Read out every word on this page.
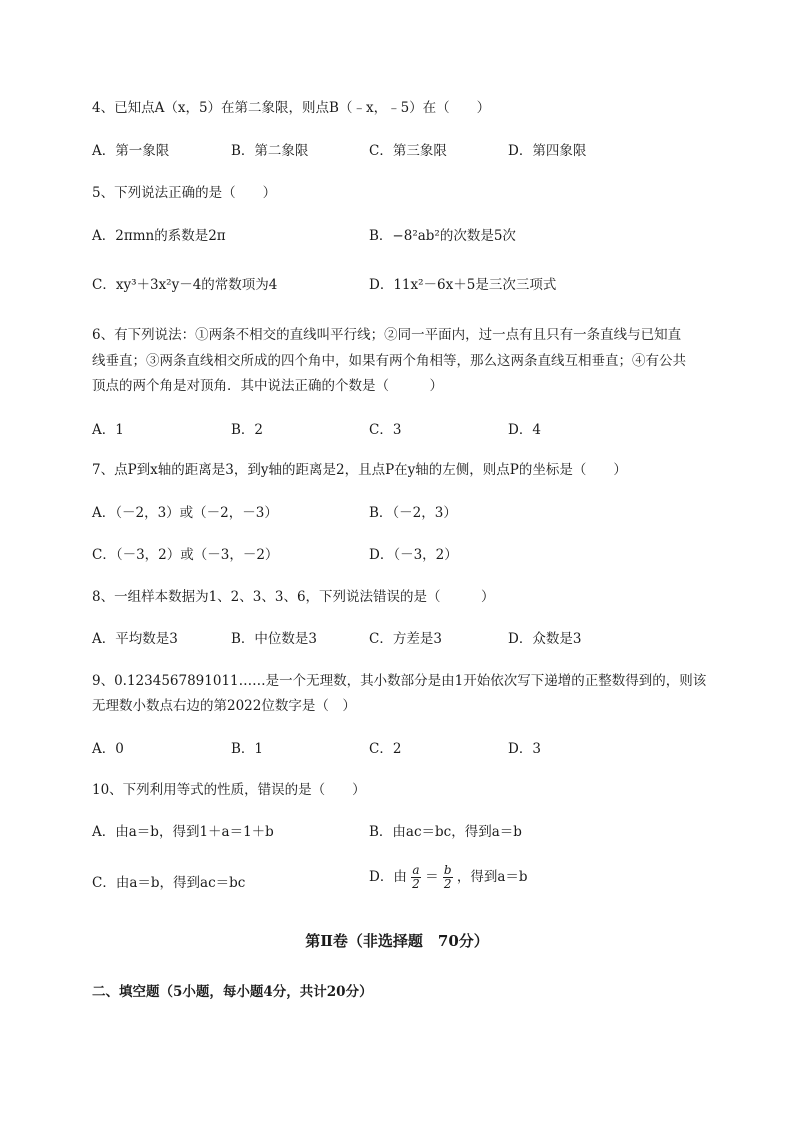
4、已知点A（x，5）在第二象限，则点B（﹣x，﹣5）在（　　）
A．第一象限	B．第二象限	C．第三象限	D．第四象限
5、下列说法正确的是（　　）
A．2πmn的系数是2π	B．−8²ab²的次数是5次
C．xy³＋3x²y－4的常数项为4	D．11x²－6x＋5是三次三项式
6、有下列说法：①两条不相交的直线叫平行线；②同一平面内，过一点有且只有一条直线与已知直
线垂直；③两条直线相交所成的四个角中，如果有两个角相等，那么这两条直线互相垂直；④有公共
顶点的两个角是对顶角．其中说法正确的个数是（　　　）
A．1	B．2	C．3	D．4
7、点P到x轴的距离是3，到y轴的距离是2，且点P在y轴的左侧，则点P的坐标是（　　）
A．（－2，3）或（－2，－3）	B．（－2，3）
C．（－3，2）或（－3，－2）	D．（－3，2）
8、一组样本数据为1、2、3、3、6，下列说法错误的是（　　　）
A．平均数是3	B．中位数是3	C．方差是3	D．众数是3
9、0.1234567891011……是一个无理数，其小数部分是由1开始依次写下递增的正整数得到的，则该
无理数小数点右边的第2022位数字是（　）
A．0	B．1	C．2	D．3
10、下列利用等式的性质，错误的是（　　）
A．由a＝b，得到1＋a＝1＋b	B．由ac＝bc，得到a＝b
C．由a＝b，得到ac＝bc	D．由 $\frac{a}{2} = \frac{b}{2}$ ，得到a＝b
第Ⅱ卷（非选择题　70分）
二、填空题（5小题，每小题4分，共计20分）
